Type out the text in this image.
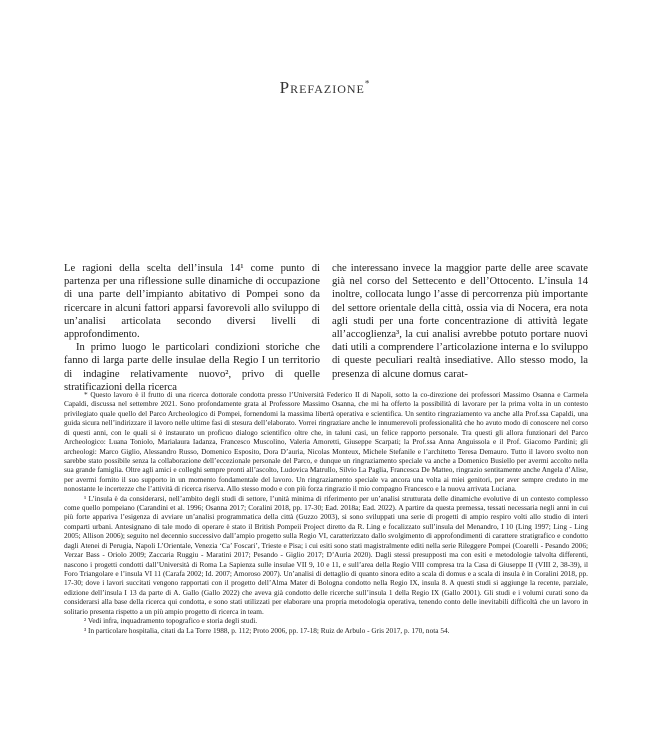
Prefazione*

Le ragioni della scelta dell’insula 14¹ come punto di partenza per una riflessione sulle dinamiche di occupazione di una parte dell’impianto abitativo di Pompei sono da ricercare in alcuni fattori apparsi favorevoli allo sviluppo di un’analisi articolata secondo diversi livelli di approfondimento.

In primo luogo le particolari condizioni storiche che fanno di larga parte delle insulae della Regio I un territorio di indagine relativamente nuovo², privo di quelle stratificazioni della ricerca

che interessano invece la maggior parte delle aree scavate già nel corso del Settecento e dell’Ottocento. L’insula 14 inoltre, collocata lungo l’asse di percorrenza più importante del settore orientale della città, ossia via di Nocera, era nota agli studi per una forte concentrazione di attività legate all’accoglienza³, la cui analisi avrebbe potuto portare nuovi dati utili a comprendere l’articolazione interna e lo sviluppo di queste peculiari realtà insediative. Allo stesso modo, la presenza di alcune domus carat-

* Questo lavoro è il frutto di una ricerca dottorale condotta presso l’Università Federico II di Napoli, sotto la co-direzione dei professori Massimo Osanna e Carmela Capaldi, discussa nel settembre 2021. Sono profondamente grata al Professore Massimo Osanna, che mi ha offerto la possibilità di lavorare per la prima volta in un contesto privilegiato quale quello del Parco Archeologico di Pompei, fornendomi la massima libertà operativa e scientifica. Un sentito ringraziamento va anche alla Prof.ssa Capaldi, una guida sicura nell’indirizzare il lavoro nelle ultime fasi di stesura dell’elaborato. Vorrei ringraziare anche le innumerevoli professionalità che ho avuto modo di conoscere nel corso di questi anni, con le quali si è instaurato un proficuo dialogo scientifico oltre che, in taluni casi, un felice rapporto personale. Tra questi gli allora funzionari del Parco Archeologico: Luana Toniolo, Marialaura Iadanza, Francesco Muscolino, Valeria Amoretti, Giuseppe Scarpati; la Prof.ssa Anna Anguissola e il Prof. Giacomo Pardini; gli archeologi: Marco Giglio, Alessandro Russo, Domenico Esposito, Dora D’auria, Nicolas Monteux, Michele Stefanile e l’architetto Teresa Demauro. Tutto il lavoro svolto non sarebbe stato possibile senza la collaborazione dell’eccezionale personale del Parco, e dunque un ringraziamento speciale va anche a Domenico Busiello per avermi accolto nella sua grande famiglia. Oltre agli amici e colleghi sempre pronti all’ascolto, Ludovica Matrullo, Silvio La Paglia, Francesca De Matteo, ringrazio sentitamente anche Angela d’Alise, per avermi fornito il suo supporto in un momento fondamentale del lavoro. Un ringraziamento speciale va ancora una volta ai miei genitori, per aver sempre creduto in me nonostante le incertezze che l’attività di ricerca riserva. Allo stesso modo e con più forza ringrazio il mio compagno Francesco e la nuova arrivata Luciana.

¹ L’insula è da considerarsi, nell’ambito degli studi di settore, l’unità minima di riferimento per un’analisi strutturata delle dinamiche evolutive di un contesto complesso come quello pompeiano (Carandini et al. 1996; Osanna 2017; Coralini 2018, pp. 17-30; Ead. 2018a; Ead. 2022). A partire da questa premessa, tessati necessaria negli anni in cui più forte appariva l’esigenza di avviare un’analisi programmatica della città (Guzzo 2003), si sono sviluppati una serie di progetti di ampio respiro volti allo studio di interi comparti urbani. Antesignano di tale modo di operare è stato il British Pompeii Project diretto da R. Ling e focalizzato sull’insula del Menandro, I 10 (Ling 1997; Ling - Ling 2005; Allison 2006); seguito nel decennio successivo dall’ampio progetto sulla Regio VI, caratterizzato dallo svolgimento di approfondimenti di carattere stratigrafico e condotto dagli Atenei di Perugia, Napoli L’Orientale, Venezia ‘Ca’ Foscari’, Trieste e Pisa; i cui esiti sono stati magistralmente editi nella serie Rileggere Pompei (Coarelli - Pesando 2006; Verzar Bass - Oriolo 2009; Zaccaria Ruggiu - Maratini 2017; Pesando - Giglio 2017; D’Auria 2020). Dagli stessi presupposti ma con esiti e metodologie talvolta differenti, nascono i progetti condotti dall’Università di Roma La Sapienza sulle insulae VII 9, 10 e 11, e sull’area della Regio VIII compresa tra la Casa di Giuseppe II (VIII 2, 38-39), il Foro Triangolare e l’insula VI 11 (Carafa 2002; Id. 2007; Amoroso 2007). Un’analisi di dettaglio di quanto sinora edito a scala di domus e a scala di insula è in Coralini 2018, pp. 17-30; dove i lavori succitati vengono rapportati con il progetto dell’Alma Mater di Bologna condotto nella Regio IX, insula 8. A questi studi si aggiunge la recente, parziale, edizione dell’insula I 13 da parte di A. Gallo (Gallo 2022) che aveva già condotto delle ricerche sull’insula 1 della Regio IX (Gallo 2001). Gli studi e i volumi curati sono da considerarsi alla base della ricerca qui condotta, e sono stati utilizzati per elaborare una propria metodologia operativa, tenendo conto delle inevitabili difficoltà che un lavoro in solitario presenta rispetto a un più ampio progetto di ricerca in team.

² Vedi infra, inquadramento topografico e storia degli studi.

³ In particolare hospitalia, citati da La Torre 1988, p. 112; Proto 2006, pp. 17-18; Ruiz de Arbulo - Gris 2017, p. 170, nota 54.
